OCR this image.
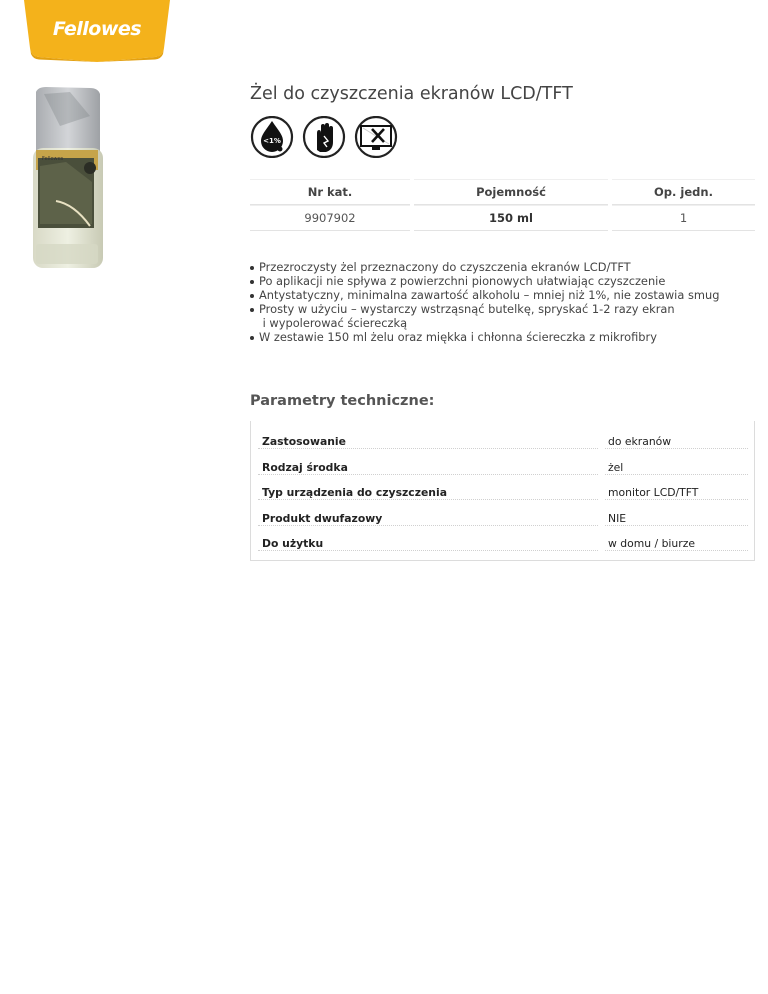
Fellowes
Fellowes
Żel do czyszczenia ekranów LCD/TFT
<1%
Nr kat.	Pojemność	Op. jedn.
9907902	150 ml	1
Przezroczysty żel przeznaczony do czyszczenia ekranów LCD/TFT
Po aplikacji nie spływa z powierzchni pionowych ułatwiając czyszczenie
Antystatyczny, minimalna zawartość alkoholu – mniej niż 1%, nie zostawia smug
Prosty w użyciu – wystarczy wstrząsnąć butelkę, spryskać 1-2 razy ekran
i wypolerować ściereczką
W zestawie 150 ml żelu oraz miękka i chłonna ściereczka z mikrofibry
Parametry techniczne:
Zastosowanie	do ekranów
Rodzaj środka	żel
Typ urządzenia do czyszczenia	monitor LCD/TFT
Produkt dwufazowy	NIE
Do użytku	w domu / biurze
